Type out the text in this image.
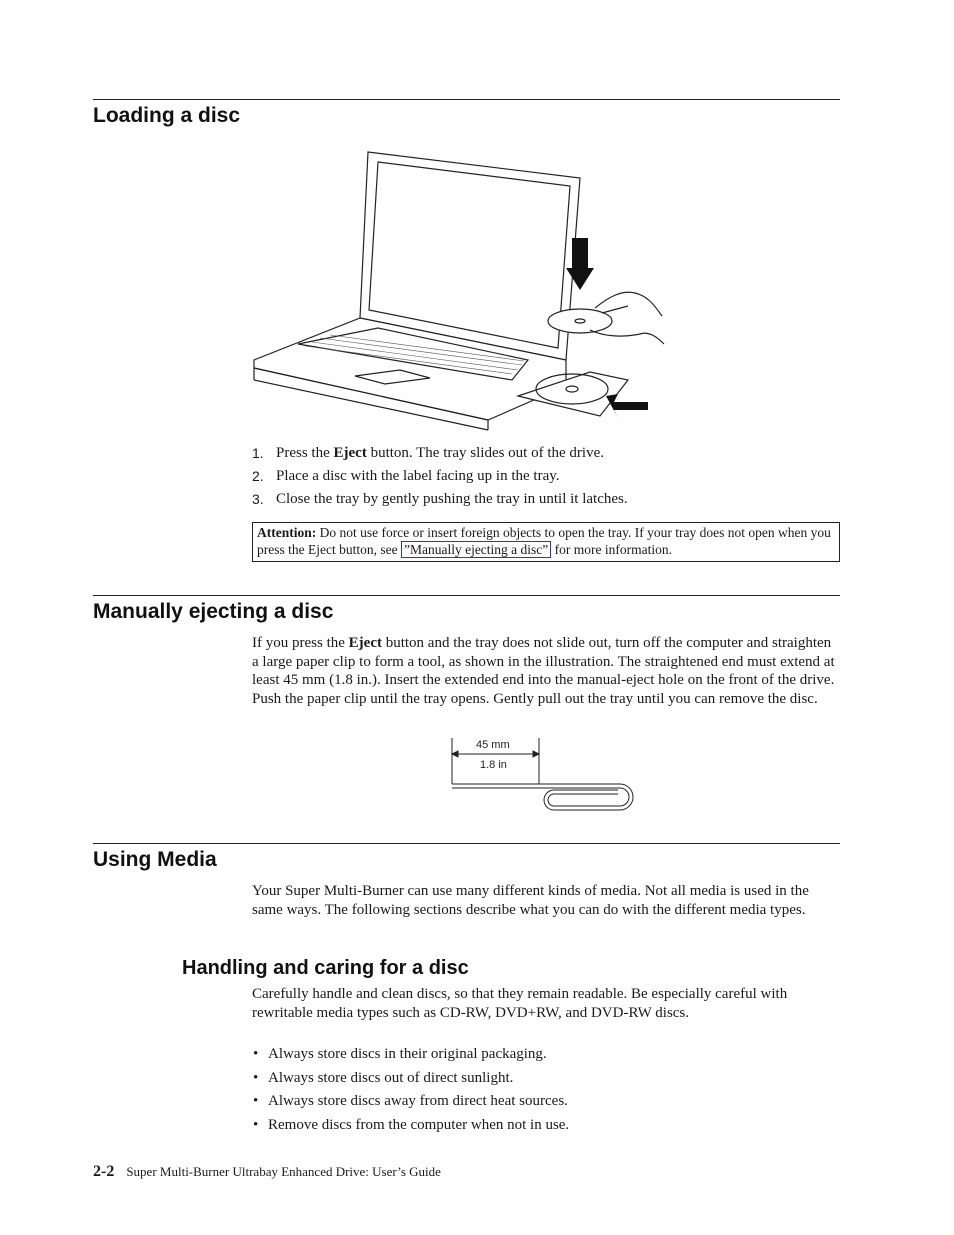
Loading a disc
1. Press the Eject button. The tray slides out of the drive.
2. Place a disc with the label facing up in the tray.
3. Close the tray by gently pushing the tray in until it latches.
Attention: Do not use force or insert foreign objects to open the tray. If your tray does not open when you press the Eject button, see ”Manually ejecting a disc” for more information.
Manually ejecting a disc

If you press the Eject button and the tray does not slide out, turn off the computer and straighten a large paper clip to form a tool, as shown in the illustration. The straightened end must extend at least 45 mm (1.8 in.). Insert the extended end into the manual-eject hole on the front of the drive. Push the paper clip until the tray opens. Gently pull out the tray until you can remove the disc.

45 mm
1.8 in
Using Media

Your Super Multi-Burner can use many different kinds of media. Not all media is used in the same ways. The following sections describe what you can do with the different media types.

Handling and caring for a disc

Carefully handle and clean discs, so that they remain readable. Be especially careful with rewritable media types such as CD-RW, DVD+RW, and DVD-RW discs.

• Always store discs in their original packaging.
• Always store discs out of direct sunlight.
• Always store discs away from direct heat sources.
• Remove discs from the computer when not in use.
2-2 Super Multi-Burner Ultrabay Enhanced Drive: User’s Guide
